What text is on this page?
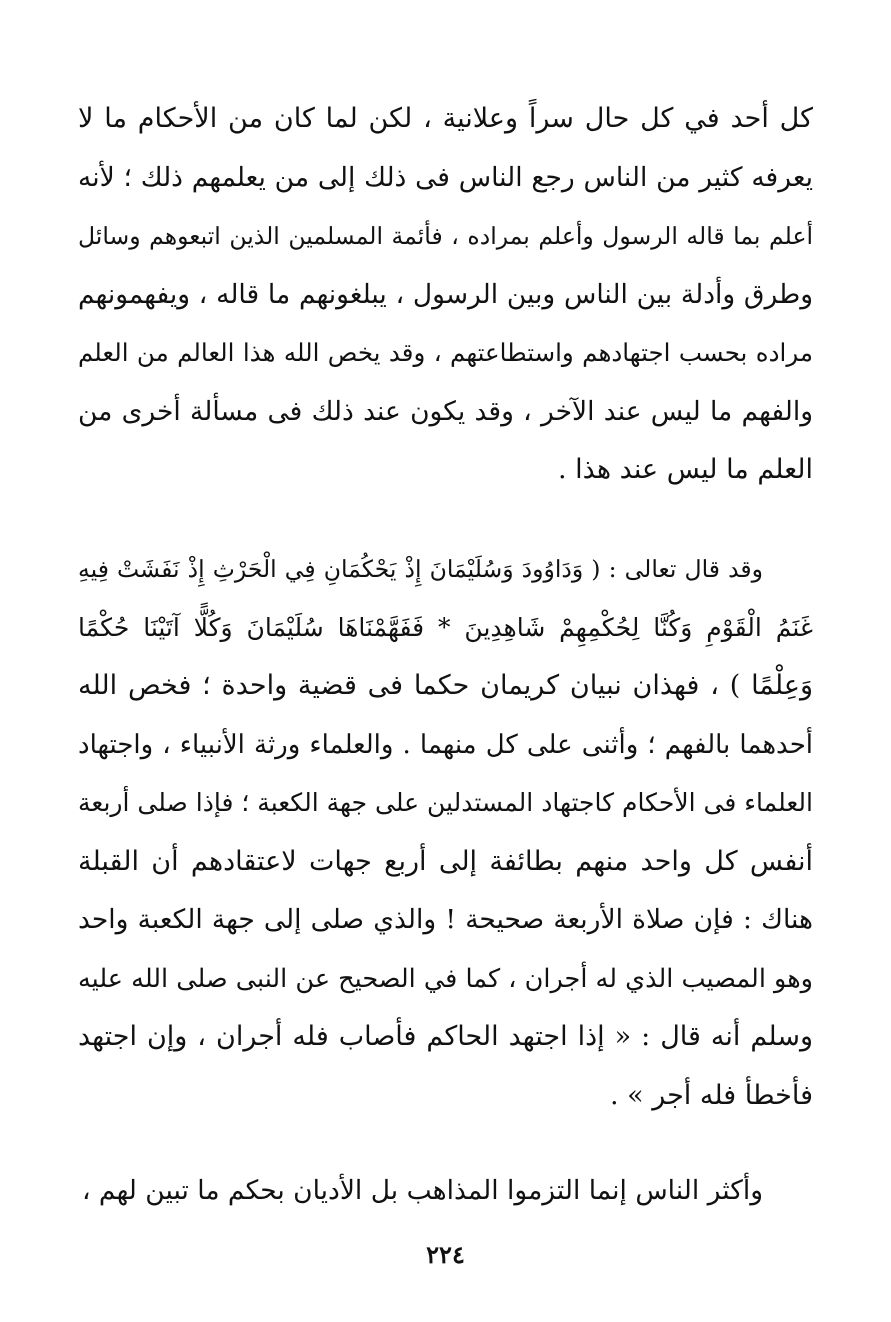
كل أحد في كل حال سراً وعلانية ، لكن لما كان من الأحكام ما لا
يعرفه كثير من الناس رجع الناس فى ذلك إلى من يعلمهم ذلك ؛ لأنه
أعلم بما قاله الرسول وأعلم بمراده ، فأئمة المسلمين الذين اتبعوهم وسائل
وطرق وأدلة بين الناس وبين الرسول ، يبلغونهم ما قاله ، ويفهمونهم
مراده بحسب اجتهادهم واستطاعتهم ، وقد يخص الله هذا العالم من العلم
والفهم ما ليس عند الآخر ، وقد يكون عند ذلك فى مسألة أخرى من
العلم ما ليس عند هذا .
وقد قال تعالى : ( وَدَاوُودَ وَسُلَيْمَانَ إِذْ يَحْكُمَانِ فِي الْحَرْثِ إِذْ نَفَشَتْ فِيهِ
غَنَمُ الْقَوْمِ وَكُنَّا لِحُكْمِهِمْ شَاهِدِينَ * فَفَهَّمْنَاهَا سُلَيْمَانَ وَكُلًّا آتَيْنَا حُكْمًا
وَعِلْمًا ) ، فهذان نبيان كريمان حكما فى قضية واحدة ؛ فخص الله
أحدهما بالفهم ؛ وأثنى على كل منهما . والعلماء ورثة الأنبياء ، واجتهاد
العلماء فى الأحكام كاجتهاد المستدلين على جهة الكعبة ؛ فإذا صلى أربعة
أنفس كل واحد منهم بطائفة إلى أربع جهات لاعتقادهم أن القبلة
هناك : فإن صلاة الأربعة صحيحة ! والذي صلى إلى جهة الكعبة واحد
وهو المصيب الذي له أجران ، كما في الصحيح عن النبى صلى الله عليه
وسلم أنه قال : « إذا اجتهد الحاكم فأصاب فله أجران ، وإن اجتهد
فأخطأ فله أجر » .
وأكثر الناس إنما التزموا المذاهب بل الأديان بحكم ما تبين لهم ،
٢٢٤
